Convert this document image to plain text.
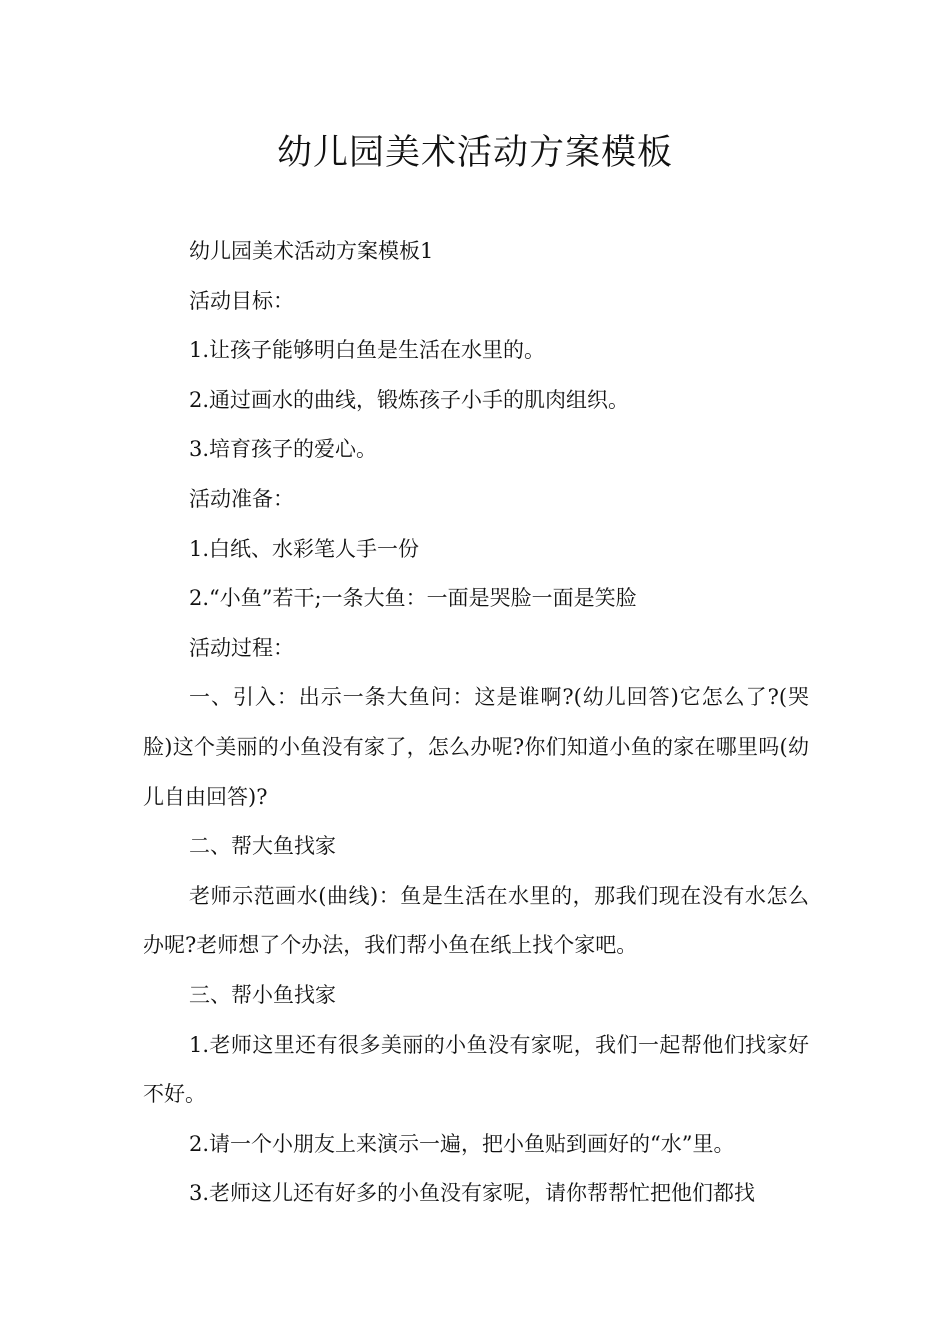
幼儿园美术活动方案模板

幼儿园美术活动方案模板1

活动目标：

1.让孩子能够明白鱼是生活在水里的。

2.通过画水的曲线，锻炼孩子小手的肌肉组织。

3.培育孩子的爱心。

活动准备：

1.白纸、水彩笔人手一份

2.“小鱼”若干;一条大鱼：一面是哭脸一面是笑脸

活动过程：

一、引入：出示一条大鱼问：这是谁啊?(幼儿回答)它怎么了?(哭脸)这个美丽的小鱼没有家了，怎么办呢?你们知道小鱼的家在哪里吗(幼儿自由回答)?

二、帮大鱼找家

老师示范画水(曲线)：鱼是生活在水里的，那我们现在没有水怎么办呢?老师想了个办法，我们帮小鱼在纸上找个家吧。

三、帮小鱼找家

1.老师这里还有很多美丽的小鱼没有家呢，我们一起帮他们找家好不好。

2.请一个小朋友上来演示一遍，把小鱼贴到画好的“水”里。

3.老师这儿还有好多的小鱼没有家呢，请你帮帮忙把他们都找
